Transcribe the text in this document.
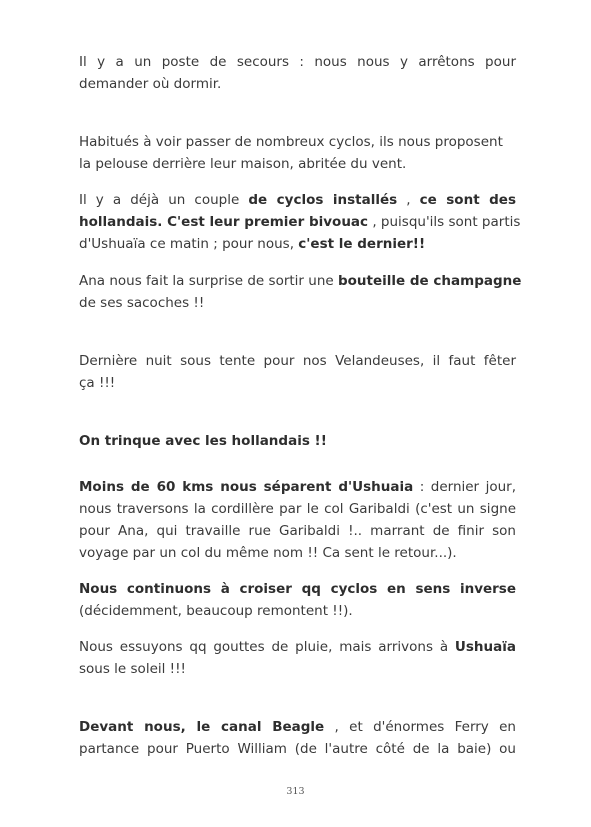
Il y a un poste de secours : nous nous y arrêtons pour
demander où dormir.

Habitués à voir passer de nombreux cyclos, ils nous proposent
la pelouse derrière leur maison, abritée du vent.

Il y a déjà un couple de cyclos installés , ce sont des
hollandais. C'est leur premier bivouac , puisqu'ils sont partis
d'Ushuaïa ce matin ; pour nous, c'est le dernier!!

Ana nous fait la surprise de sortir une bouteille de champagne
de ses sacoches !!

Dernière nuit sous tente pour nos Velandeuses, il faut fêter
ça !!!

On trinque avec les hollandais !!

Moins de 60 kms nous séparent d'Ushuaia : dernier jour,
nous traversons la cordillère par le col Garibaldi (c'est un signe
pour Ana, qui travaille rue Garibaldi !.. marrant de finir son
voyage par un col du même nom !! Ca sent le retour...).

Nous continuons à croiser qq cyclos en sens inverse
(décidemment, beaucoup remontent !!).

Nous essuyons qq gouttes de pluie, mais arrivons à Ushuaïa
sous le soleil !!!

Devant nous, le canal Beagle , et d'énormes Ferry en
partance pour Puerto William (de l'autre côté de la baie) ou

313
